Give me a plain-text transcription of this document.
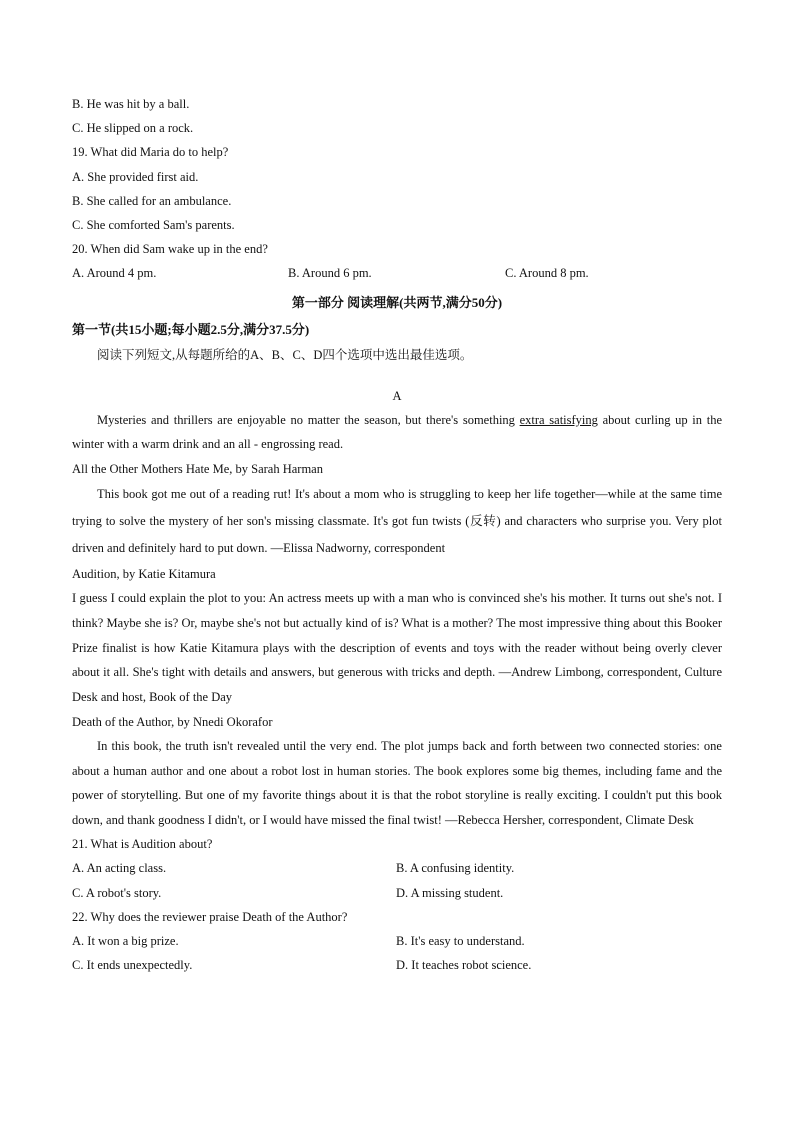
B. He was hit by a ball.
C. He slipped on a rock.
19. What did Maria do to help?
A. She provided first aid.
B. She called for an ambulance.
C. She comforted Sam's parents.
20. When did Sam wake up in the end?
A. Around 4 pm.	B. Around 6 pm.	C. Around 8 pm.
第一部分 阅读理解(共两节,满分50分)
第一节(共15小题;每小题2.5分,满分37.5分)
阅读下列短文,从每题所给的A、B、C、D四个选项中选出最佳选项。
A
Mysteries and thrillers are enjoyable no matter the season, but there's something extra satisfying about curling up in the winter with a warm drink and an all - engrossing read.
All the Other Mothers Hate Me, by Sarah Harman
This book got me out of a reading rut! It's about a mom who is struggling to keep her life together—while at the same time trying to solve the mystery of her son's missing classmate. It's got fun twists (反转) and characters who surprise you. Very plot driven and definitely hard to put down. —Elissa Nadworny, correspondent
Audition, by Katie Kitamura
I guess I could explain the plot to you: An actress meets up with a man who is convinced she's his mother. It turns out she's not. I think? Maybe she is? Or, maybe she's not but actually kind of is? What is a mother? The most impressive thing about this Booker Prize finalist is how Katie Kitamura plays with the description of events and toys with the reader without being overly clever about it all. She's tight with details and answers, but generous with tricks and depth. —Andrew Limbong, correspondent, Culture Desk and host, Book of the Day
Death of the Author, by Nnedi Okorafor
In this book, the truth isn't revealed until the very end. The plot jumps back and forth between two connected stories: one about a human author and one about a robot lost in human stories. The book explores some big themes, including fame and the power of storytelling. But one of my favorite things about it is that the robot storyline is really exciting. I couldn't put this book down, and thank goodness I didn't, or I would have missed the final twist! —Rebecca Hersher, correspondent, Climate Desk
21. What is Audition about?
A. An acting class.	B. A confusing identity.
C. A robot's story.	D. A missing student.
22. Why does the reviewer praise Death of the Author?
A. It won a big prize.	B. It's easy to understand.
C. It ends unexpectedly.	D. It teaches robot science.
